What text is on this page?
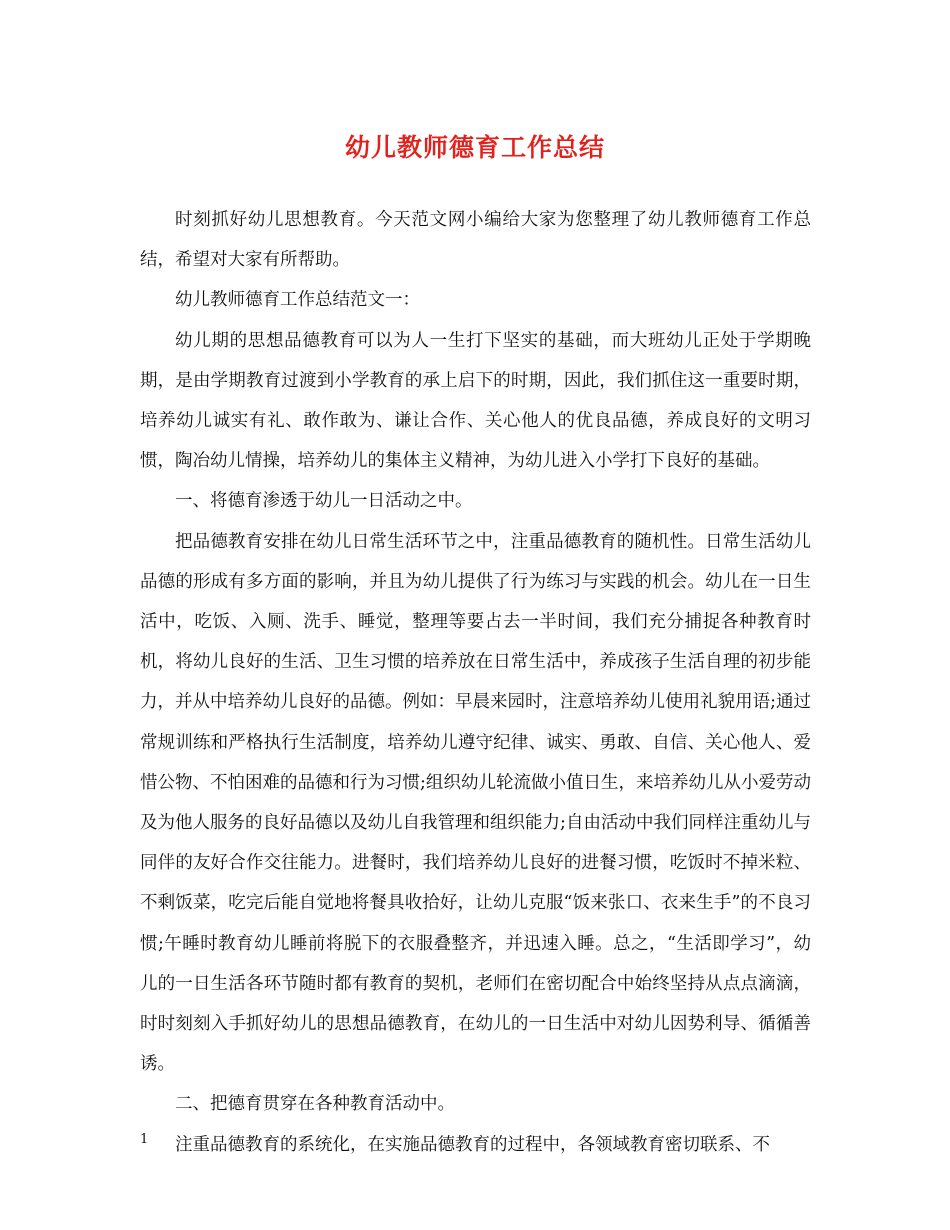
幼儿教师德育工作总结

时刻抓好幼儿思想教育。今天范文网小编给大家为您整理了幼儿教师德育工作总结，希望对大家有所帮助。

幼儿教师德育工作总结范文一：

幼儿期的思想品德教育可以为人一生打下坚实的基础，而大班幼儿正处于学期晚期，是由学期教育过渡到小学教育的承上启下的时期，因此，我们抓住这一重要时期，培养幼儿诚实有礼、敢作敢为、谦让合作、关心他人的优良品德，养成良好的文明习惯，陶冶幼儿情操，培养幼儿的集体主义精神，为幼儿进入小学打下良好的基础。

一、将德育渗透于幼儿一日活动之中。

把品德教育安排在幼儿日常生活环节之中，注重品德教育的随机性。日常生活幼儿品德的形成有多方面的影响，并且为幼儿提供了行为练习与实践的机会。幼儿在一日生活中，吃饭、入厕、洗手、睡觉，整理等要占去一半时间，我们充分捕捉各种教育时机，将幼儿良好的生活、卫生习惯的培养放在日常生活中，养成孩子生活自理的初步能力，并从中培养幼儿良好的品德。例如：早晨来园时，注意培养幼儿使用礼貌用语;通过常规训练和严格执行生活制度，培养幼儿遵守纪律、诚实、勇敢、自信、关心他人、爱惜公物、不怕困难的品德和行为习惯;组织幼儿轮流做小值日生，来培养幼儿从小爱劳动及为他人服务的良好品德以及幼儿自我管理和组织能力;自由活动中我们同样注重幼儿与同伴的友好合作交往能力。进餐时，我们培养幼儿良好的进餐习惯，吃饭时不掉米粒、不剩饭菜，吃完后能自觉地将餐具收拾好，让幼儿克服“饭来张口、衣来生手”的不良习惯;午睡时教育幼儿睡前将脱下的衣服叠整齐，并迅速入睡。总之，“生活即学习”，幼儿的一日生活各环节随时都有教育的契机，老师们在密切配合中始终坚持从点点滴滴，时时刻刻入手抓好幼儿的思想品德教育，在幼儿的一日生活中对幼儿因势利导、循循善诱。

二、把德育贯穿在各种教育活动中。

注重品德教育的系统化，在实施品德教育的过程中，各领域教育密切联系、不

1
